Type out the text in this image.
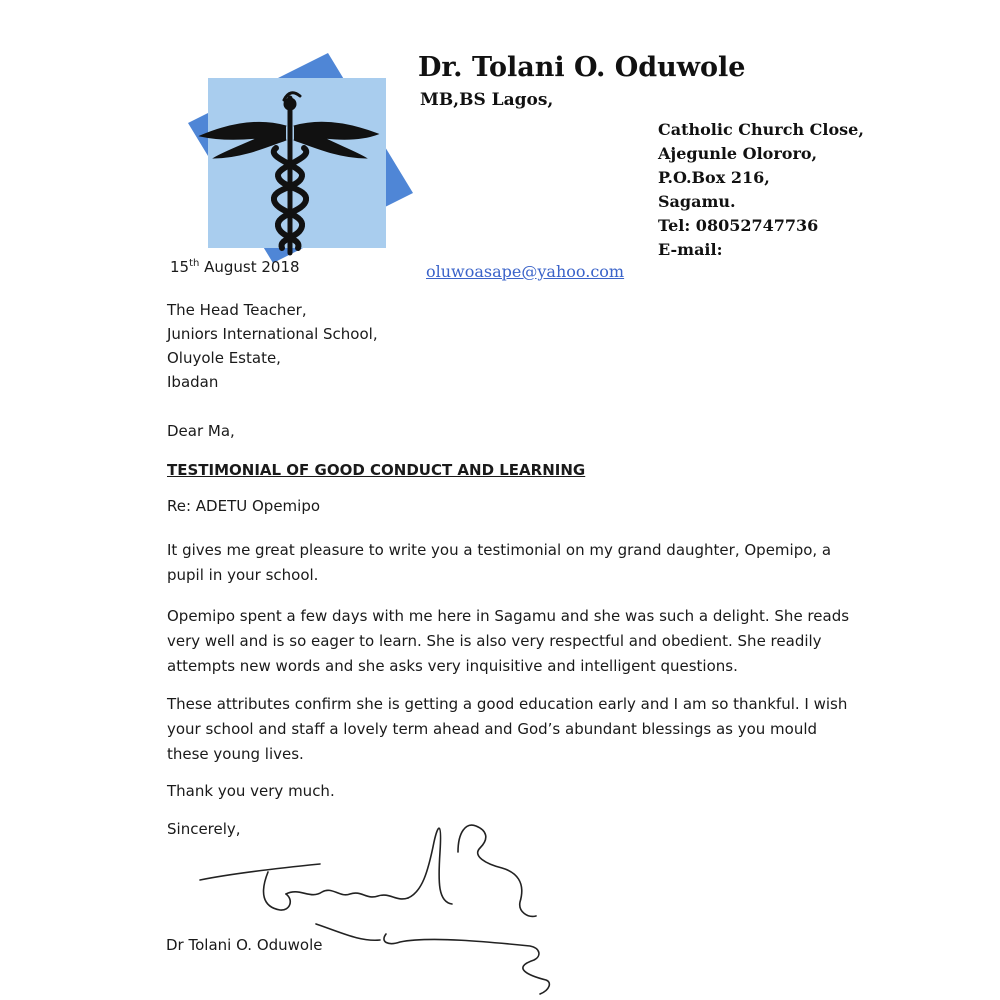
Dr. Tolani O. Oduwole
MB,BS Lagos,
Catholic Church Close,
Ajegunle Olororo,
P.O.Box 216,
Sagamu.
Tel: 08052747736
E-mail:
oluwoasape@yahoo.com
15th August 2018
The Head Teacher,
Juniors International School,
Oluyole Estate,
Ibadan
Dear Ma,
TESTIMONIAL OF GOOD CONDUCT AND LEARNING
Re: ADETU Opemipo
It gives me great pleasure to write you a testimonial on my grand daughter, Opemipo, a pupil in your school.
Opemipo spent a few days with me here in Sagamu and she was such a delight. She reads very well and is so eager to learn. She is also very respectful and obedient. She readily attempts new words and she asks very inquisitive and intelligent questions.
These attributes confirm she is getting a good education early and I am so thankful. I wish your school and staff a lovely term ahead and God’s abundant blessings as you mould these young lives.
Thank you very much.
Sincerely,
Dr Tolani O. Oduwole
